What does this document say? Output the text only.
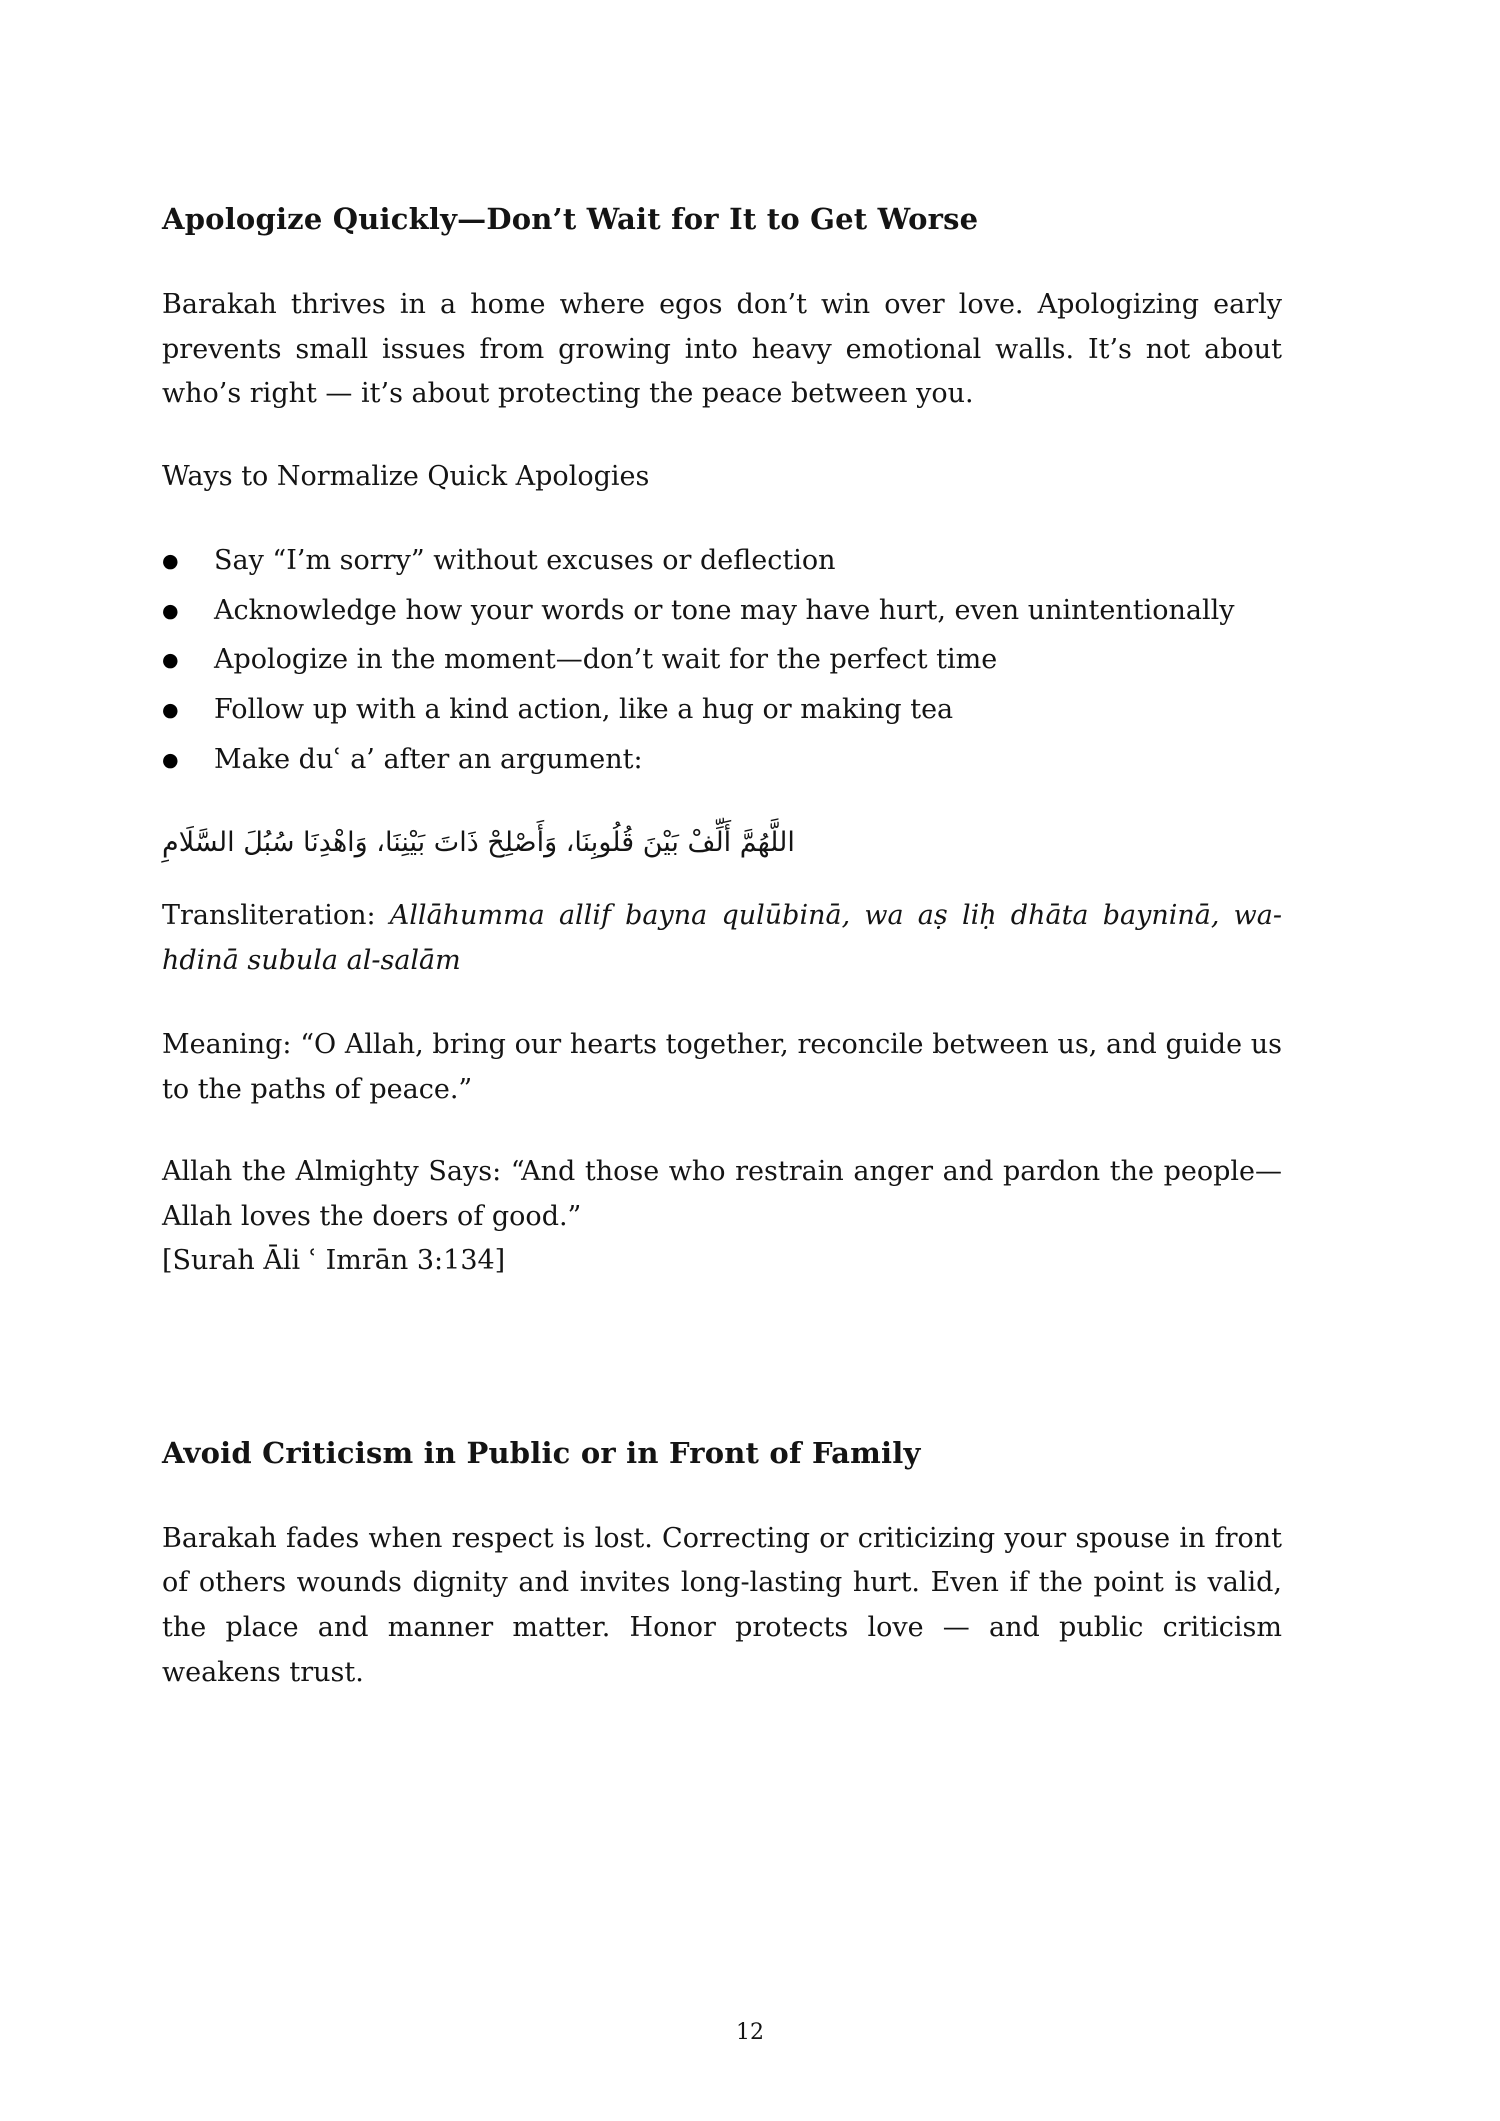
Apologize Quickly—Don’t Wait for It to Get Worse

Barakah thrives in a home where egos don’t win over love. Apologizing early prevents small issues from growing into heavy emotional walls. It’s not about who’s right — it’s about protecting the peace between you.

Ways to Normalize Quick Apologies

●	Say “I’m sorry” without excuses or deflection
●	Acknowledge how your words or tone may have hurt, even unintentionally
●	Apologize in the moment—don’t wait for the perfect time
●	Follow up with a kind action, like a hug or making tea
●	Make duʿ a’ after an argument:

اللَّهُمَّ أَلِّفْ بَيْنَ قُلُوبِنَا، وَأَصْلِحْ ذَاتَ بَيْنِنَا، وَاهْدِنَا سُبُلَ السَّلَامِ

Transliteration: Allāhumma allif bayna qulūbinā, wa aṣ liḥ dhāta bayninā, wa-hdinā subula al-salām

Meaning: “O Allah, bring our hearts together, reconcile between us, and guide us to the paths of peace.”

Allah the Almighty Says: “And those who restrain anger and pardon the people—Allah loves the doers of good.”

[Surah Āli ʿ Imrān 3:134]

Avoid Criticism in Public or in Front of Family

Barakah fades when respect is lost. Correcting or criticizing your spouse in front of others wounds dignity and invites long-lasting hurt. Even if the point is valid, the place and manner matter. Honor protects love — and public criticism weakens trust.

12
